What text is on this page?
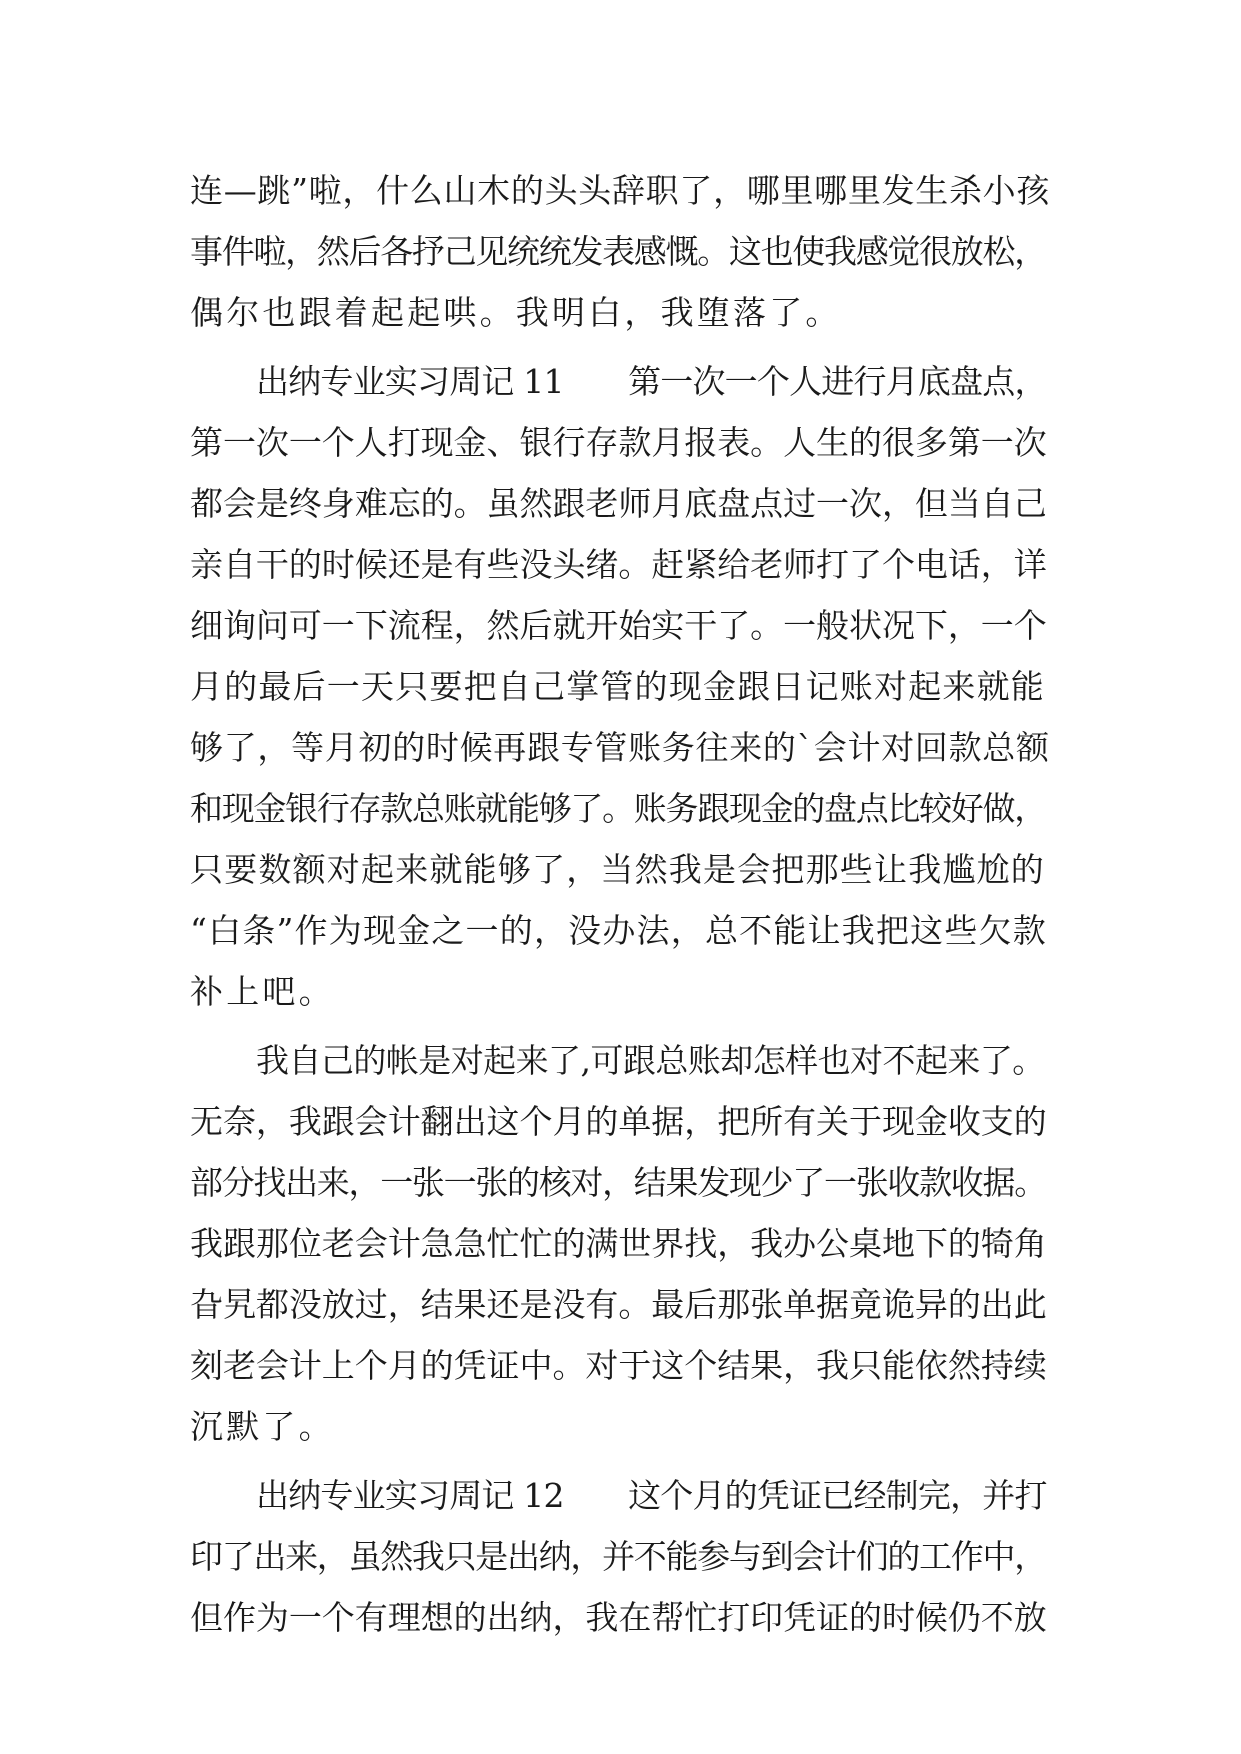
连—跳”啦，什么山木的头头辞职了，哪里哪里发生杀小孩
事件啦，然后各抒己见统统发表感慨。这也使我感觉很放松，
偶尔也跟着起起哄。我明白，我堕落了。

出纳专业实习周记 11　　第一次一个人进行月底盘点，
第一次一个人打现金、银行存款月报表。人生的很多第一次
都会是终身难忘的。虽然跟老师月底盘点过一次，但当自己
亲自干的时候还是有些没头绪。赶紧给老师打了个电话，详
细询问可一下流程，然后就开始实干了。一般状况下，一个
月的最后一天只要把自己掌管的现金跟日记账对起来就能
够了，等月初的时候再跟专管账务往来的`会计对回款总额
和现金银行存款总账就能够了。账务跟现金的盘点比较好做，
只要数额对起来就能够了，当然我是会把那些让我尴尬的
“白条”作为现金之一的，没办法，总不能让我把这些欠款
补上吧。

我自己的帐是对起来了,可跟总账却怎样也对不起来了。
无奈，我跟会计翻出这个月的单据，把所有关于现金收支的
部分找出来，一张一张的核对，结果发现少了一张收款收据。
我跟那位老会计急急忙忙的满世界找，我办公桌地下的犄角
旮旯都没放过，结果还是没有。最后那张单据竟诡异的出此
刻老会计上个月的凭证中。对于这个结果，我只能依然持续
沉默了。

出纳专业实习周记 12　　这个月的凭证已经制完，并打
印了出来，虽然我只是出纳，并不能参与到会计们的工作中，
但作为一个有理想的出纳，我在帮忙打印凭证的时候仍不放
